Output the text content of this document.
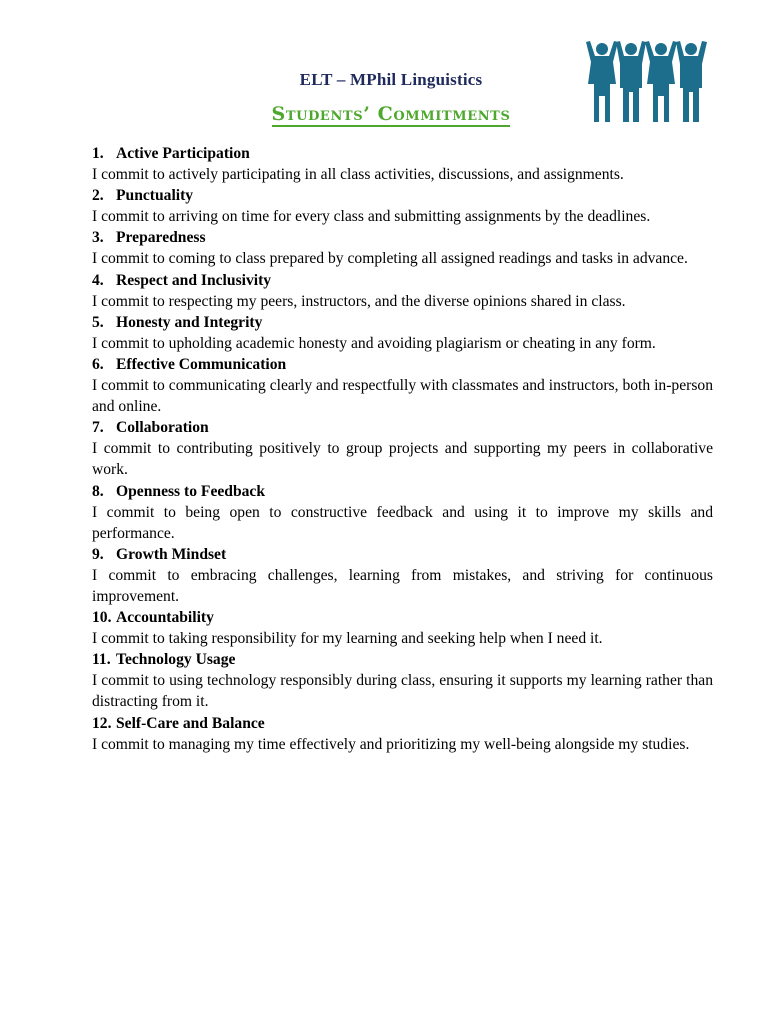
ELT – MPhil Linguistics
Students’ Commitments
1. Active Participation
I commit to actively participating in all class activities, discussions, and assignments.
2. Punctuality
I commit to arriving on time for every class and submitting assignments by the deadlines.
3. Preparedness
I commit to coming to class prepared by completing all assigned readings and tasks in advance.
4. Respect and Inclusivity
I commit to respecting my peers, instructors, and the diverse opinions shared in class.
5. Honesty and Integrity
I commit to upholding academic honesty and avoiding plagiarism or cheating in any form.
6. Effective Communication
I commit to communicating clearly and respectfully with classmates and instructors, both in-person and online.
7. Collaboration
I commit to contributing positively to group projects and supporting my peers in collaborative work.
8. Openness to Feedback
I commit to being open to constructive feedback and using it to improve my skills and performance.
9. Growth Mindset
I commit to embracing challenges, learning from mistakes, and striving for continuous improvement.
10. Accountability
I commit to taking responsibility for my learning and seeking help when I need it.
11. Technology Usage
I commit to using technology responsibly during class, ensuring it supports my learning rather than distracting from it.
12. Self-Care and Balance
I commit to managing my time effectively and prioritizing my well-being alongside my studies.
